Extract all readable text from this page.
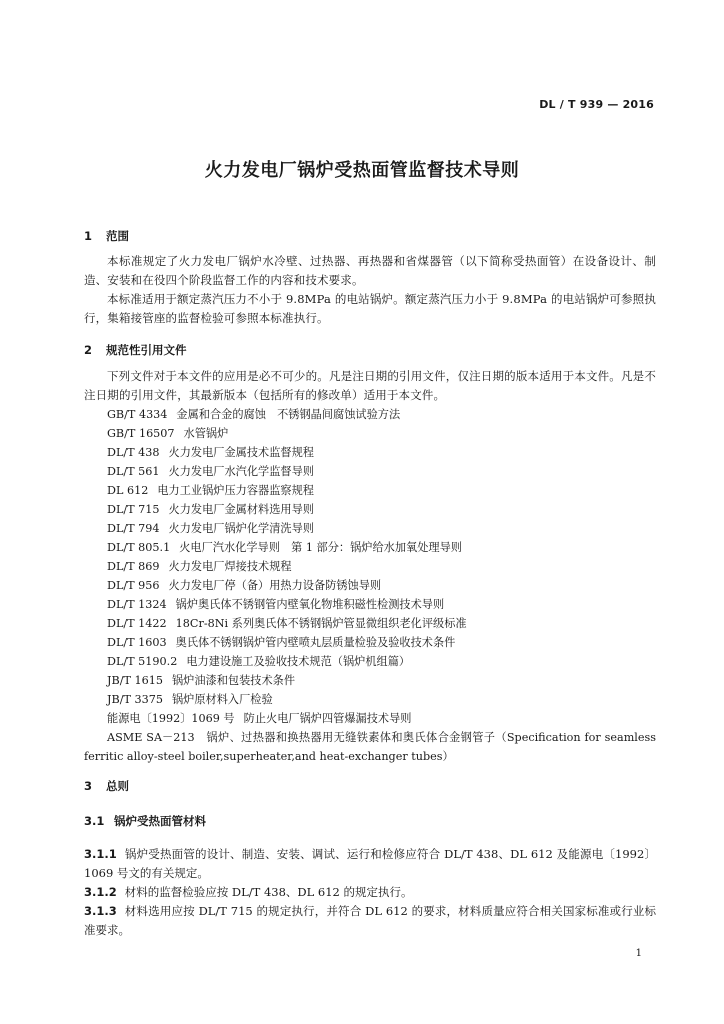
DL / T 939 — 2016
火力发电厂锅炉受热面管监督技术导则
1 范围
本标准规定了火力发电厂锅炉水冷壁、过热器、再热器和省煤器管（以下简称受热面管）在设备设计、制造、安装和在役四个阶段监督工作的内容和技术要求。
本标准适用于额定蒸汽压力不小于 9.8MPa 的电站锅炉。额定蒸汽压力小于 9.8MPa 的电站锅炉可参照执行，集箱接管座的监督检验可参照本标准执行。
2 规范性引用文件
下列文件对于本文件的应用是必不可少的。凡是注日期的引用文件，仅注日期的版本适用于本文件。凡是不注日期的引用文件，其最新版本（包括所有的修改单）适用于本文件。
GB/T 4334 金属和合金的腐蚀　不锈钢晶间腐蚀试验方法
GB/T 16507 水管锅炉
DL/T 438 火力发电厂金属技术监督规程
DL/T 561 火力发电厂水汽化学监督导则
DL 612 电力工业锅炉压力容器监察规程
DL/T 715 火力发电厂金属材料选用导则
DL/T 794 火力发电厂锅炉化学清洗导则
DL/T 805.1 火电厂汽水化学导则　第 1 部分：锅炉给水加氧处理导则
DL/T 869 火力发电厂焊接技术规程
DL/T 956 火力发电厂停（备）用热力设备防锈蚀导则
DL/T 1324 锅炉奥氏体不锈钢管内壁氧化物堆积磁性检测技术导则
DL/T 1422 18Cr-8Ni 系列奥氏体不锈钢锅炉管显微组织老化评级标准
DL/T 1603 奥氏体不锈钢锅炉管内壁喷丸层质量检验及验收技术条件
DL/T 5190.2 电力建设施工及验收技术规范（锅炉机组篇）
JB/T 1615 锅炉油漆和包装技术条件
JB/T 3375 锅炉原材料入厂检验
能源电〔1992〕1069 号 防止火电厂锅炉四管爆漏技术导则
ASME SA－213　锅炉、过热器和换热器用无缝铁素体和奥氏体合金钢管子（Specification for seamless ferritic alloy-steel boiler,superheater,and heat-exchanger tubes）
3 总则
3.1 锅炉受热面管材料
3.1.1 锅炉受热面管的设计、制造、安装、调试、运行和检修应符合 DL/T 438、DL 612 及能源电〔1992〕1069 号文的有关规定。
3.1.2 材料的监督检验应按 DL/T 438、DL 612 的规定执行。
3.1.3 材料选用应按 DL/T 715 的规定执行，并符合 DL 612 的要求，材料质量应符合相关国家标准或行业标准要求。
1
